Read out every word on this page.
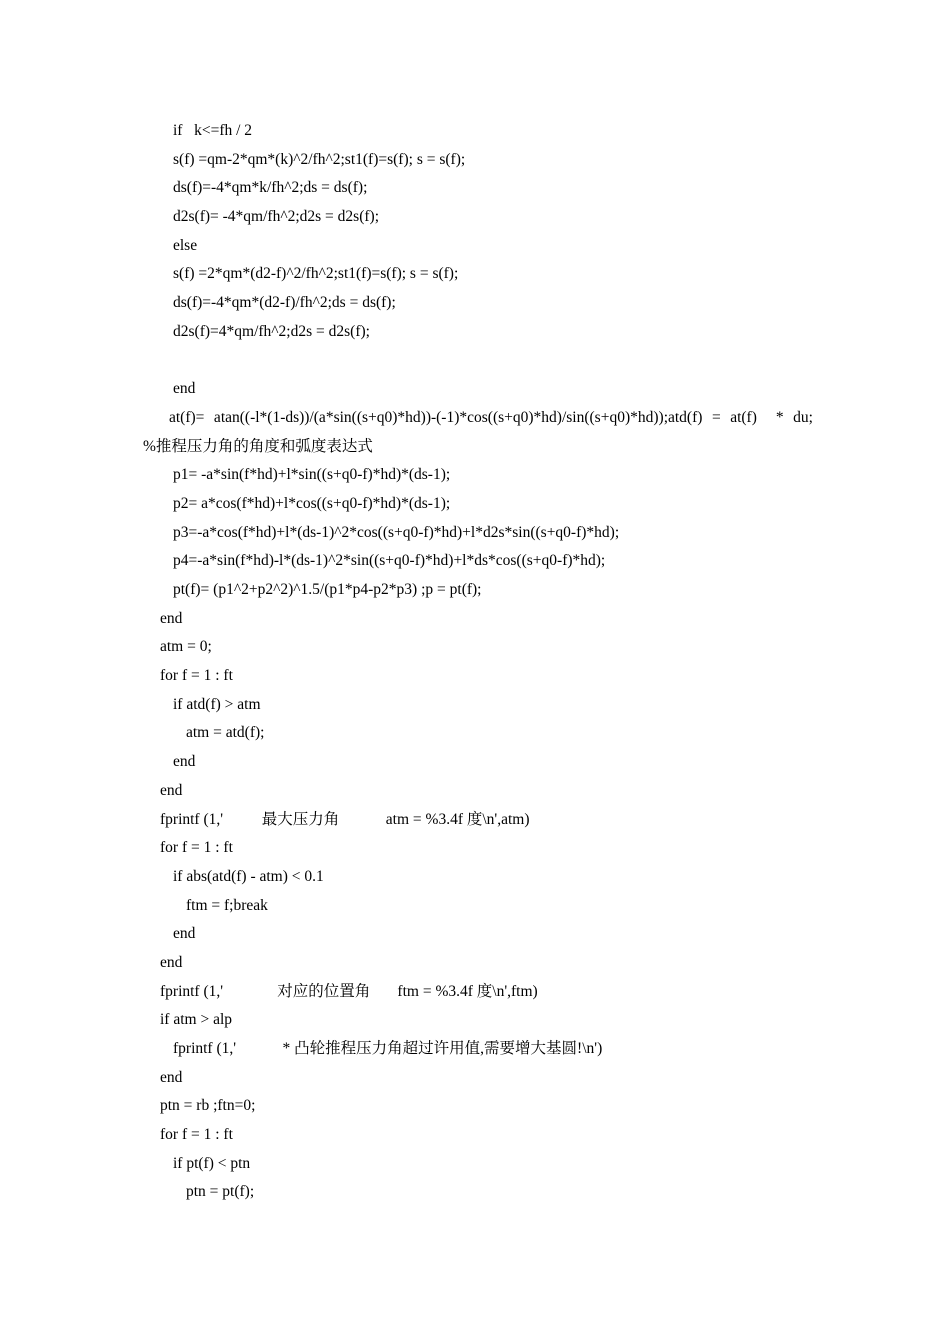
if   k<=fh / 2
s(f) =qm-2*qm*(k)^2/fh^2;st1(f)=s(f); s = s(f);
ds(f)=-4*qm*k/fh^2;ds = ds(f);
d2s(f)= -4*qm/fh^2;d2s = d2s(f);
else
s(f) =2*qm*(d2-f)^2/fh^2;st1(f)=s(f); s = s(f);
ds(f)=-4*qm*(d2-f)/fh^2;ds = ds(f);
d2s(f)=4*qm/fh^2;d2s = d2s(f);
end
at(f)= atan((-l*(1-ds))/(a*sin((s+q0)*hd))-(-1)*cos((s+q0)*hd)/sin((s+q0)*hd));atd(f) = at(f)  * du;      %推程压力角的角度和弧度表达式
p1= -a*sin(f*hd)+l*sin((s+q0-f)*hd)*(ds-1);
p2= a*cos(f*hd)+l*cos((s+q0-f)*hd)*(ds-1);
p3=-a*cos(f*hd)+l*(ds-1)^2*cos((s+q0-f)*hd)+l*d2s*sin((s+q0-f)*hd);
p4=-a*sin(f*hd)-l*(ds-1)^2*sin((s+q0-f)*hd)+l*ds*cos((s+q0-f)*hd);
pt(f)= (p1^2+p2^2)^1.5/(p1*p4-p2*p3) ;p = pt(f);
end
atm = 0;
for f = 1 : ft
if atd(f) > atm
atm = atd(f);
end
end
fprintf (1,'          最大压力角            atm = %3.4f 度\n',atm)
for f = 1 : ft
if abs(atd(f) - atm) < 0.1
ftm = f;break
end
end
fprintf (1,'              对应的位置角       ftm = %3.4f 度\n',ftm)
if atm > alp
fprintf (1,'            * 凸轮推程压力角超过许用值,需要增大基圆!\n')
end
ptn = rb ;ftn=0;
for f = 1 : ft
if pt(f) < ptn
ptn = pt(f);
